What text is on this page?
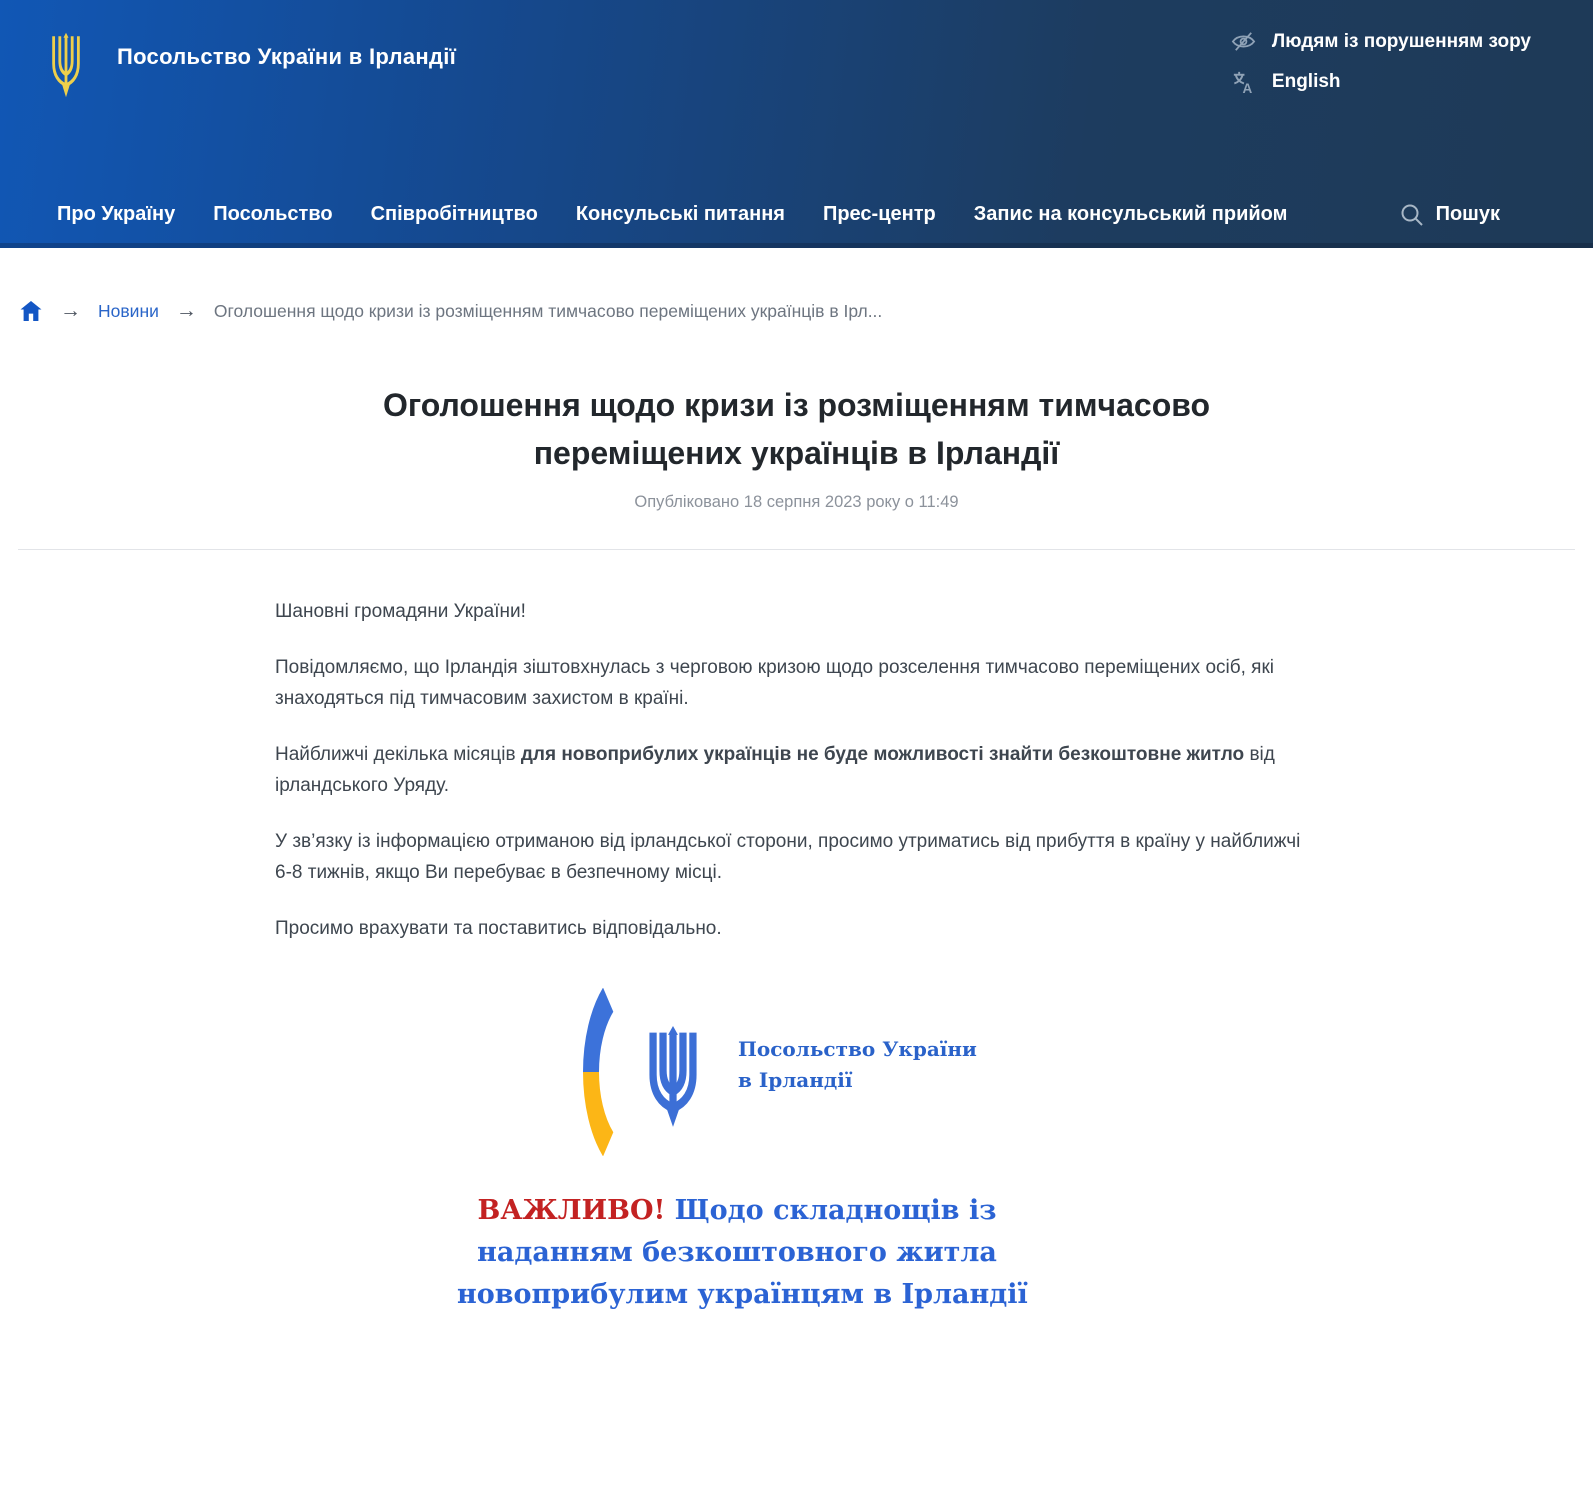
Посольство України в Ірландії
Людям із порушенням зору
A English
Про Україну Посольство Співробітництво Консульські питання Прес-центр Запис на консульський прийом	Пошук
→ Новини → Оголошення щодо кризи із розміщенням тимчасово переміщених українців в Ірл...
Оголошення щодо кризи із розміщенням тимчасово переміщених українців в Ірландії
Опубліковано 18 серпня 2023 року о 11:49

Шановні громадяни України!

Повідомляємо, що Ірландія зіштовхнулась з черговою кризою щодо розселення тимчасово переміщених осіб, які знаходяться під тимчасовим захистом в країні.

Найближчі декілька місяців для новоприбулих українців не буде можливості знайти безкоштовне житло від ірландського Уряду.

У зв’язку із інформацією отриманою від ірландської сторони, просимо утриматись від прибуття в країну у найближчі 6-8 тижнів, якщо Ви перебуває в безпечному місці.

Просимо врахувати та поставитись відповідально.

Посольство України
в Ірландії
ВАЖЛИВО! Щодо складнощів із
наданням безкоштовного житла
новоприбулим українцям в Ірландії
